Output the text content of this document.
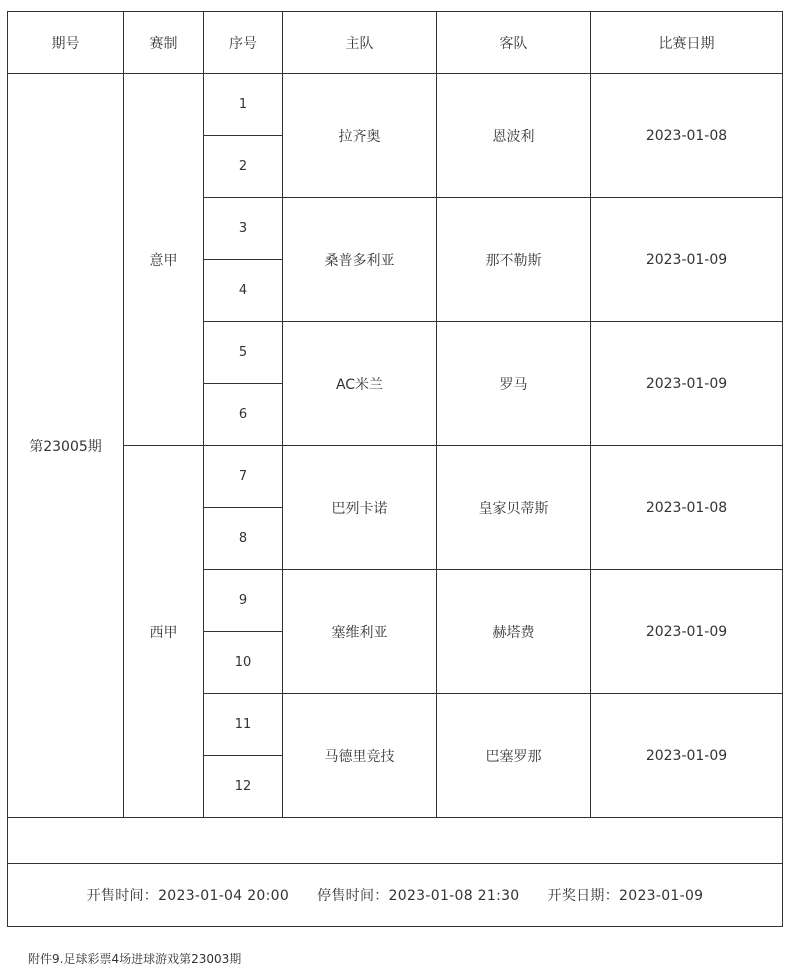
期号	赛制	序号	主队	客队	比赛日期
第23005期	意甲	1	拉齐奥	恩波利	2023-01-08
		2			
		3	桑普多利亚	那不勒斯	2023-01-09
		4			
		5	AC米兰	罗马	2023-01-09
		6			
	西甲	7	巴列卡诺	皇家贝蒂斯	2023-01-08
		8			
		9	塞维利亚	赫塔费	2023-01-09
		10			
		11	马德里竞技	巴塞罗那	2023-01-09
		12			

开售时间：2023-01-04 20:00 停售时间：2023-01-08 21:30 开奖日期：2023-01-09					
附件9.足球彩票4场进球游戏第23003期
